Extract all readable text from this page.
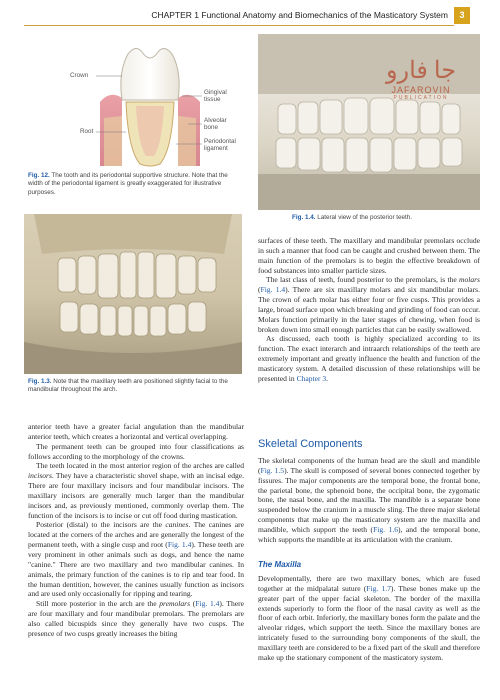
CHAPTER 1 Functional Anatomy and Biomechanics of the Masticatory System	3
Crown
Root
Gingival tissue
Alveolar bone
Periodontal ligament
Fig. 12. The tooth and its periodontal supportive structure. Note that the width of the periodontal ligament is greatly exaggerated for illustrative purposes.
جا فارو
JAFAROVIN
PUBLICATION
Fig. 1.4. Lateral view of the posterior teeth.
Fig. 1.3. Note that the maxillary teeth are positioned slightly facial to the mandibular throughout the arch.

anterior teeth have a greater facial angulation than the mandibular anterior teeth, which creates a horizontal and vertical overlapping.

The permanent teeth can be grouped into four classifications as follows according to the morphology of the crowns.

The teeth located in the most anterior region of the arches are called incisors. They have a characteristic shovel shape, with an incisal edge. There are four maxillary incisors and four mandibular incisors. The maxillary incisors are generally much larger than the mandibular incisors and, as previously mentioned, commonly overlap them. The function of the incisors is to incise or cut off food during mastication.

Posterior (distal) to the incisors are the canines. The canines are located at the corners of the arches and are generally the longest of the permanent teeth, with a single cusp and root (Fig. 1.4). These teeth are very prominent in other animals such as dogs, and hence the name "canine." There are two maxillary and two mandibular canines. In animals, the primary function of the canines is to rip and tear food. In the human dentition, however, the canines usually function as incisors and are used only occasionally for ripping and tearing.

Still more posterior in the arch are the premolars (Fig. 1.4). There are four maxillary and four mandibular premolars. The premolars are also called bicuspids since they generally have two cusps. The presence of two cusps greatly increases the biting

surfaces of these teeth. The maxillary and mandibular premolars occlude in such a manner that food can be caught and crushed between them. The main function of the premolars is to begin the effective breakdown of food substances into smaller particle sizes.

The last class of teeth, found posterior to the premolars, is the molars (Fig. 1.4). There are six maxillary molars and six mandibular molars. The crown of each molar has either four or five cusps. This provides a large, broad surface upon which breaking and grinding of food can occur. Molars function primarily in the later stages of chewing, when food is broken down into small enough particles that can be easily swallowed.

As discussed, each tooth is highly specialized according to its function. The exact interarch and intraarch relationships of the teeth are extremely important and greatly influence the health and function of the masticatory system. A detailed discussion of these relationships will be presented in Chapter 3.

Skeletal Components

The skeletal components of the human head are the skull and mandible (Fig. 1.5). The skull is composed of several bones connected together by fissures. The major components are the temporal bone, the frontal bone, the parietal bone, the sphenoid bone, the occipital bone, the zygomatic bone, the nasal bone, and the maxilla. The mandible is a separate bone suspended below the cranium in a muscle sling. The three major skeletal components that make up the masticatory system are the maxilla and mandible, which support the teeth (Fig. 1.6), and the temporal bone, which supports the mandible at its articulation with the cranium.

The Maxilla

Developmentally, there are two maxillary bones, which are fused together at the midpalatal suture (Fig. 1.7). These bones make up the greater part of the upper facial skeleton. The border of the maxilla extends superiorly to form the floor of the nasal cavity as well as the floor of each orbit. Inferiorly, the maxillary bones form the palate and the alveolar ridges, which support the teeth. Since the maxillary bones are intricately fused to the surrounding bony components of the skull, the maxillary teeth are considered to be a fixed part of the skull and therefore make up the stationary component of the masticatory system.
